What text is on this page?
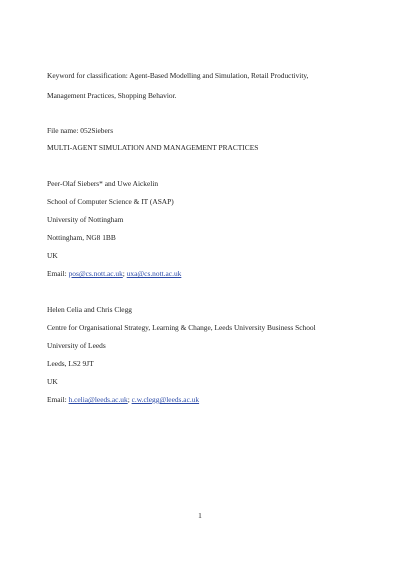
Keyword for classification: Agent-Based Modelling and Simulation, Retail Productivity,
Management Practices, Shopping Behavior.
File name: 052Siebers
MULTI-AGENT SIMULATION AND MANAGEMENT PRACTICES
Peer-Olaf Siebers* and Uwe Aickelin
School of Computer Science & IT (ASAP)
University of Nottingham
Nottingham, NG8 1BB
UK
Email: pos@cs.nott.ac.uk; uxa@cs.nott.ac.uk
Helen Celia and Chris Clegg
Centre for Organisational Strategy, Learning & Change, Leeds University Business School
University of Leeds
Leeds, LS2 9JT
UK
Email: h.celia@leeds.ac.uk; c.w.clegg@leeds.ac.uk
1
